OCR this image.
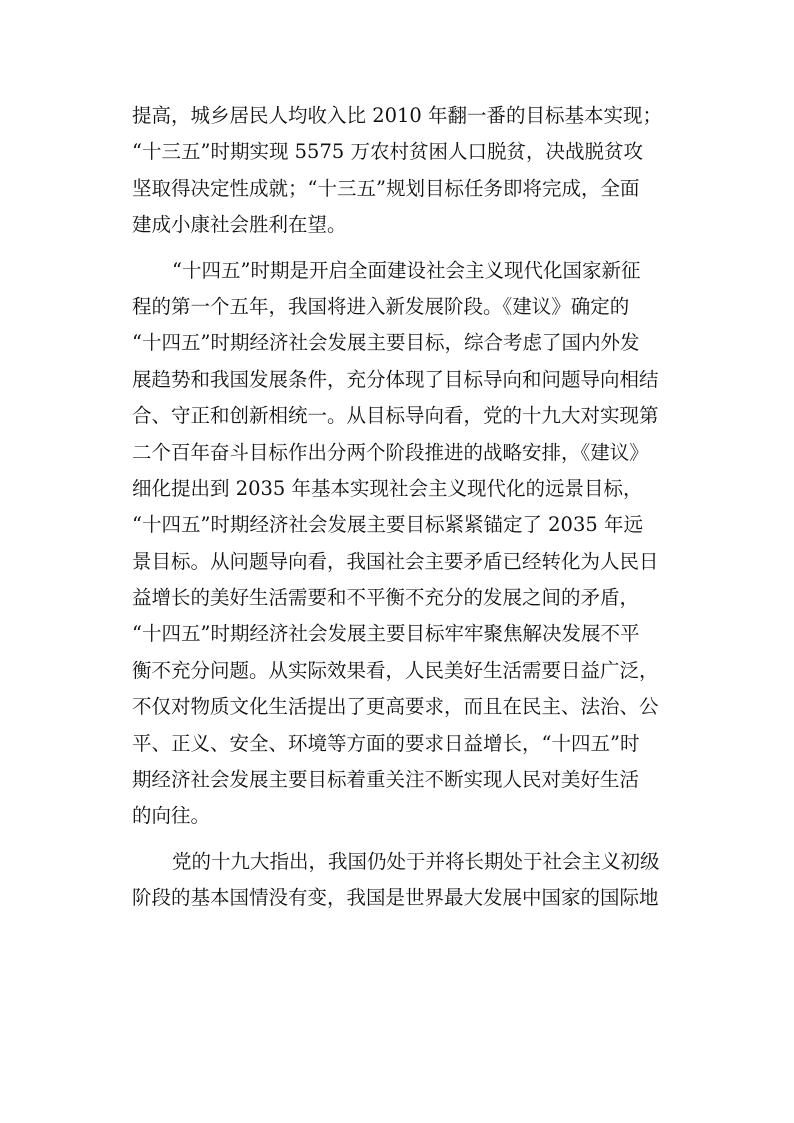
提高，城乡居民人均收入比 2010 年翻一番的目标基本实现；
“十三五”时期实现 5575 万农村贫困人口脱贫，决战脱贫攻
坚取得决定性成就；“十三五”规划目标任务即将完成，全面
建成小康社会胜利在望。
“十四五”时期是开启全面建设社会主义现代化国家新征
程的第一个五年，我国将进入新发展阶段。《建议》确定的
“十四五”时期经济社会发展主要目标，综合考虑了国内外发
展趋势和我国发展条件，充分体现了目标导向和问题导向相结
合、守正和创新相统一。从目标导向看，党的十九大对实现第
二个百年奋斗目标作出分两个阶段推进的战略安排，《建议》
细化提出到 2035 年基本实现社会主义现代化的远景目标，
“十四五”时期经济社会发展主要目标紧紧锚定了 2035 年远
景目标。从问题导向看，我国社会主要矛盾已经转化为人民日
益增长的美好生活需要和不平衡不充分的发展之间的矛盾，
“十四五”时期经济社会发展主要目标牢牢聚焦解决发展不平
衡不充分问题。从实际效果看，人民美好生活需要日益广泛，
不仅对物质文化生活提出了更高要求，而且在民主、法治、公
平、正义、安全、环境等方面的要求日益增长，“十四五”时
期经济社会发展主要目标着重关注不断实现人民对美好生活
的向往。
党的十九大指出，我国仍处于并将长期处于社会主义初级
阶段的基本国情没有变，我国是世界最大发展中国家的国际地
